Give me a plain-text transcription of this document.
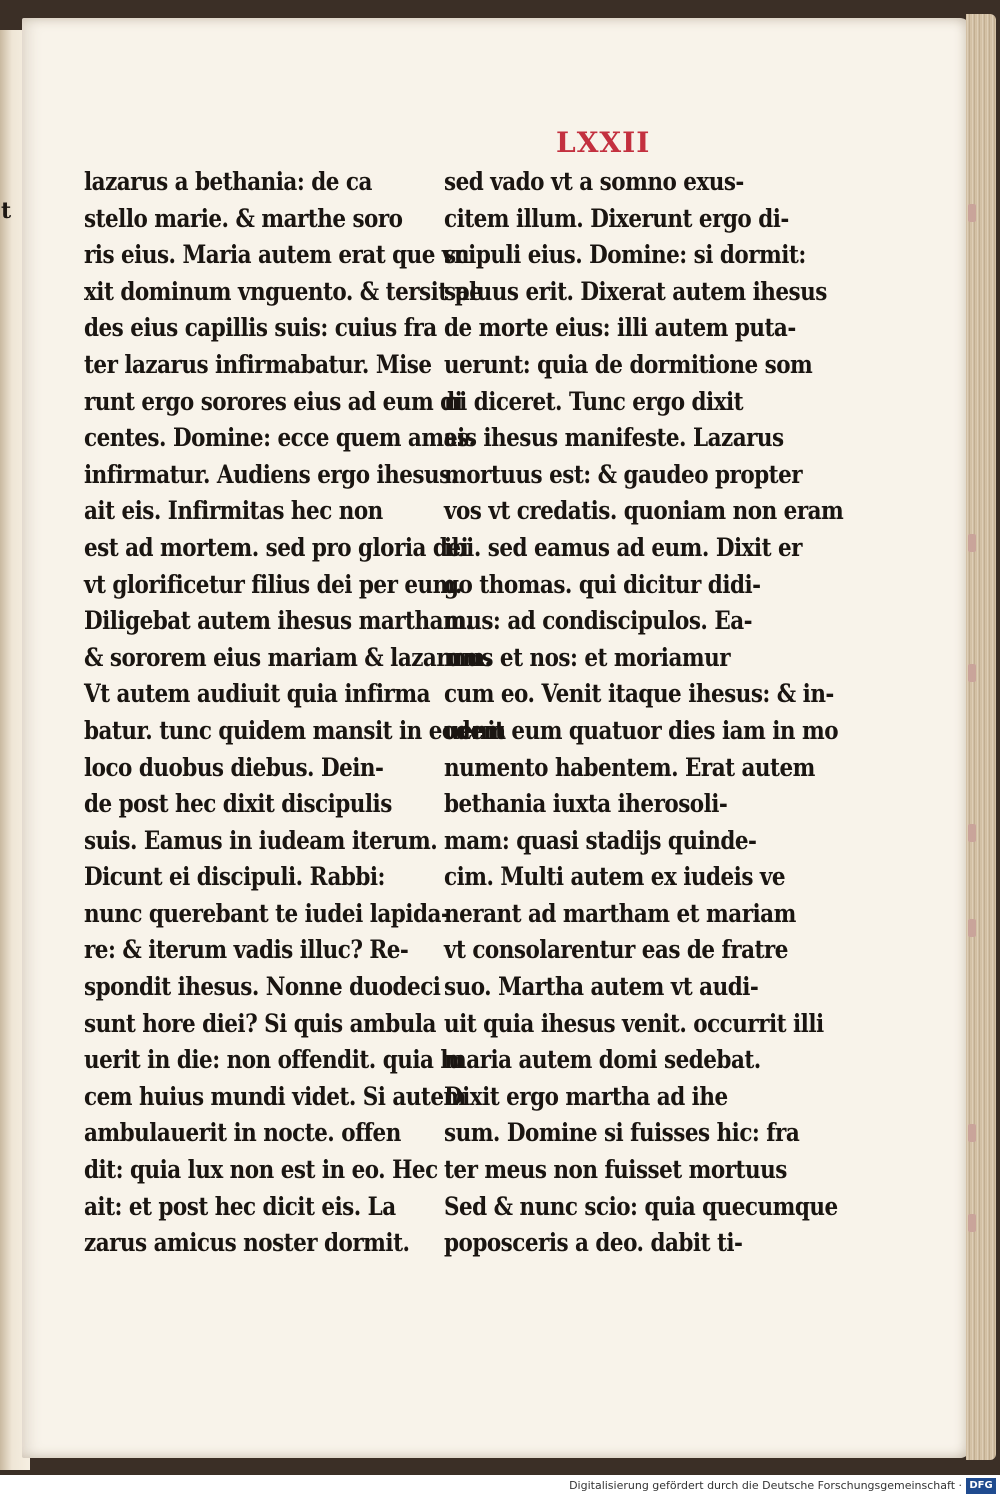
t
LXXII
lazarus a bethania: de ca
stello marie. & marthe soro
ris eius. Maria autem erat que vn
xit dominum vnguento. & tersit pe
des eius capillis suis: cuius fra
ter lazarus infirmabatur. Mise
runt ergo sorores eius ad eum di
centes. Domine: ecce quem amas.
infirmatur. Audiens ergo ihesus.
ait eis. Infirmitas hec non
est ad mortem. sed pro gloria dei
vt glorificetur filius dei per eum.
Diligebat autem ihesus martham.
& sororem eius mariam & lazarum.
Vt autem audiuit quia infirma
batur. tunc quidem mansit in eodem
loco duobus diebus. Dein-
de post hec dixit discipulis
suis. Eamus in iudeam iterum.
Dicunt ei discipuli. Rabbi:
nunc querebant te iudei lapida-
re: & iterum vadis illuc? Re-
spondit ihesus. Nonne duodeci
sunt hore diei? Si quis ambula
uerit in die: non offendit. quia lu
cem huius mundi videt. Si autem
ambulauerit in nocte. offen
dit: quia lux non est in eo. Hec
ait: et post hec dicit eis. La
zarus amicus noster dormit.
sed vado vt a somno exus-
citem illum. Dixerunt ergo di-
scipuli eius. Domine: si dormit:
saluus erit. Dixerat autem ihesus
de morte eius: illi autem puta-
uerunt: quia de dormitione som
ni diceret. Tunc ergo dixit
eis ihesus manifeste. Lazarus
mortuus est: & gaudeo propter
vos vt credatis. quoniam non eram
ibi. sed eamus ad eum. Dixit er
go thomas. qui dicitur didi-
mus: ad condiscipulos. Ea-
mus et nos: et moriamur
cum eo. Venit itaque ihesus: & in-
uenit eum quatuor dies iam in mo
numento habentem. Erat autem
bethania iuxta iherosoli-
mam: quasi stadijs quinde-
cim. Multi autem ex iudeis ve
nerant ad martham et mariam
vt consolarentur eas de fratre
suo. Martha autem vt audi-
uit quia ihesus venit. occurrit illi
maria autem domi sedebat.
Dixit ergo martha ad ihe
sum. Domine si fuisses hic: fra
ter meus non fuisset mortuus
Sed & nunc scio: quia quecumque
poposceris a deo. dabit ti-
Digitalisierung gefördert durch die Deutsche Forschungsgemeinschaft · DFG
